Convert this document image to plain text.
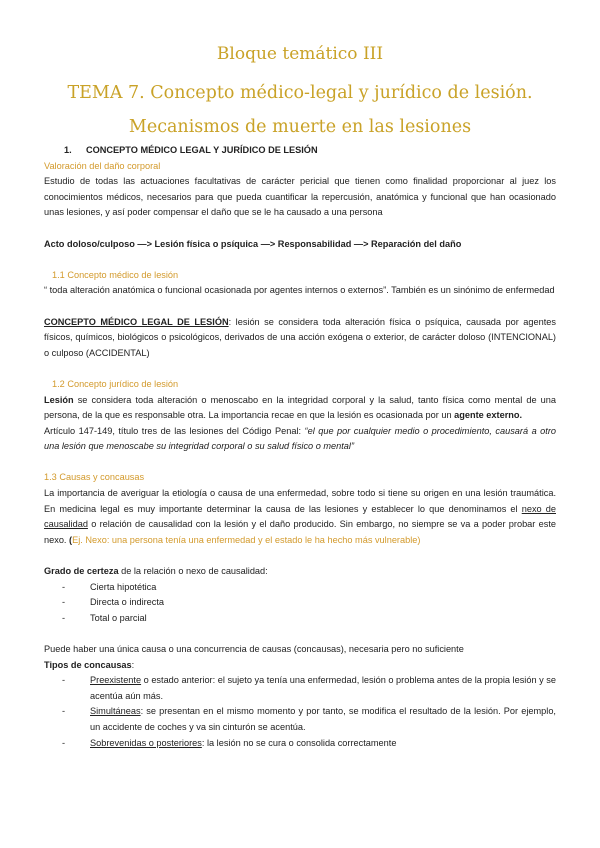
Bloque temático III
TEMA 7. Concepto médico-legal y jurídico de lesión. Mecanismos de muerte en las lesiones

1. CONCEPTO MÉDICO LEGAL Y JURÍDICO DE LESIÓN

Valoración del daño corporal

Estudio de todas las actuaciones facultativas de carácter pericial que tienen como finalidad proporcionar al juez los conocimientos médicos, necesarios para que pueda cuantificar la repercusión, anatómica y funcional que han ocasionado unas lesiones, y así poder compensar el daño que se le ha causado a una persona

Acto doloso/culposo —> Lesión física o psíquica —> Responsabilidad —> Reparación del daño

1.1 Concepto médico de lesión

“ toda alteración anatómica o funcional ocasionada por agentes internos o externos”. También es un sinónimo de enfermedad

CONCEPTO MÉDICO LEGAL DE LESIÓN: lesión se considera toda alteración física o psíquica, causada por agentes físicos, químicos, biológicos o psicológicos, derivados de una acción exógena o exterior, de carácter doloso (INTENCIONAL) o culposo (ACCIDENTAL)

1.2 Concepto jurídico de lesión

Lesión se considera toda alteración o menoscabo en la integridad corporal y la salud, tanto física como mental de una persona, de la que es responsable otra. La importancia recae en que la lesión es ocasionada por un agente externo.

Artículo 147-149, título tres de las lesiones del Código Penal: “el que por cualquier medio o procedimiento, causará a otro una lesión que menoscabe su integridad corporal o su salud físico o mental”

1.3 Causas y concausas

La importancia de averiguar la etiología o causa de una enfermedad, sobre todo si tiene su origen en una lesión traumática. En medicina legal es muy importante determinar la causa de las lesiones y establecer lo que denominamos el nexo de causalidad o relación de causalidad con la lesión y el daño producido. Sin embargo, no siempre se va a poder probar este nexo. (Ej. Nexo: una persona tenía una enfermedad y el estado le ha hecho más vulnerable)

Grado de certeza de la relación o nexo de causalidad:

- Cierta hipotética
- Directa o indirecta
- Total o parcial

Puede haber una única causa o una concurrencia de causas (concausas), necesaria pero no suficiente

Tipos de concausas:

- Preexistente o estado anterior: el sujeto ya tenía una enfermedad, lesión o problema antes de la propia lesión y se acentúa aún más.
- Simultáneas: se presentan en el mismo momento y por tanto, se modifica el resultado de la lesión. Por ejemplo, un accidente de coches y va sin cinturón se acentúa.
- Sobrevenidas o posteriores: la lesión no se cura o consolida correctamente
